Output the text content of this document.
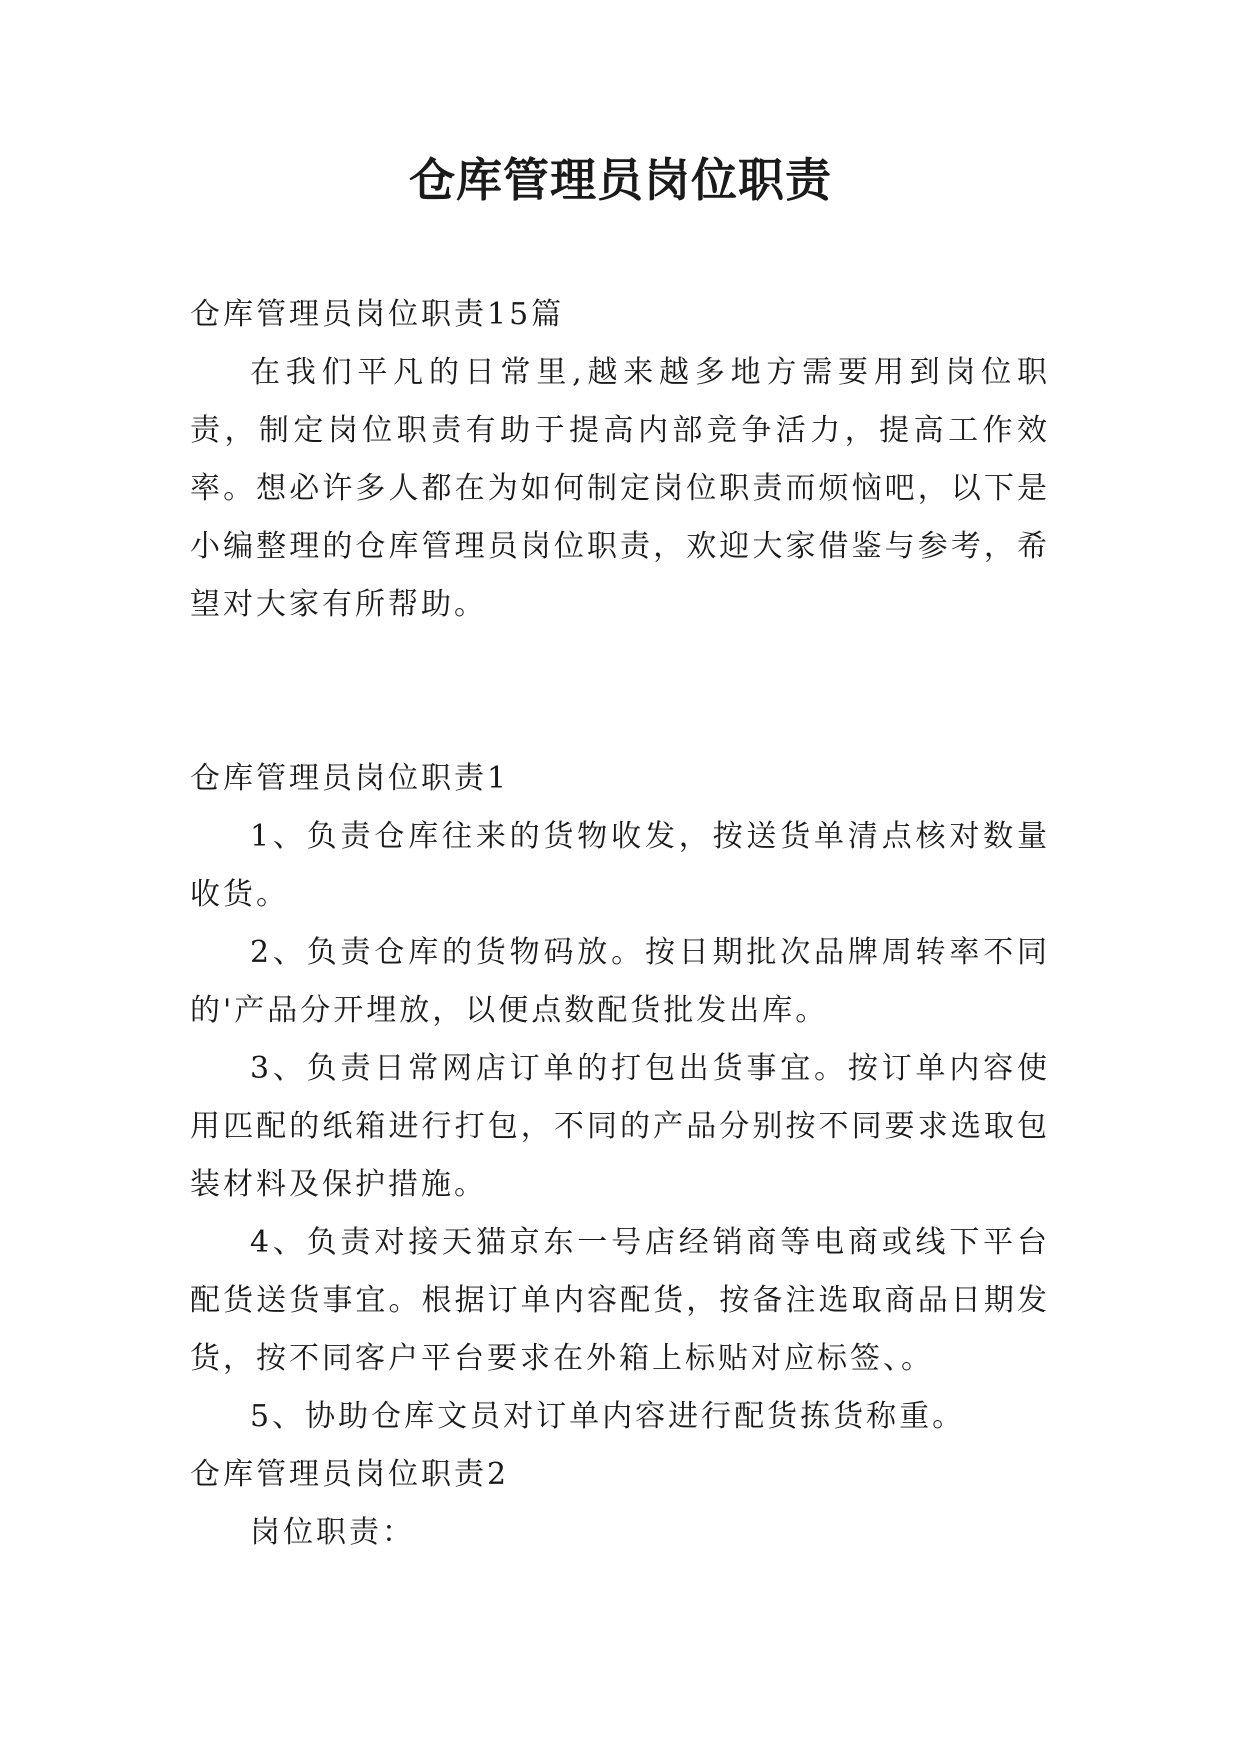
仓库管理员岗位职责

仓库管理员岗位职责15篇

在我们平凡的日常里,越来越多地方需要用到岗位职责，制定岗位职责有助于提高内部竞争活力，提高工作效率。想必许多人都在为如何制定岗位职责而烦恼吧，以下是小编整理的仓库管理员岗位职责，欢迎大家借鉴与参考，希望对大家有所帮助。

仓库管理员岗位职责1

1、负责仓库往来的货物收发，按送货单清点核对数量收货。

2、负责仓库的货物码放。按日期批次品牌周转率不同的'产品分开埋放，以便点数配货批发出库。

3、负责日常网店订单的打包出货事宜。按订单内容使用匹配的纸箱进行打包，不同的产品分别按不同要求选取包装材料及保护措施。

4、负责对接天猫京东一号店经销商等电商或线下平台配货送货事宜。根据订单内容配货，按备注选取商品日期发货，按不同客户平台要求在外箱上标贴对应标签、。

5、协助仓库文员对订单内容进行配货拣货称重。

仓库管理员岗位职责2

岗位职责：
